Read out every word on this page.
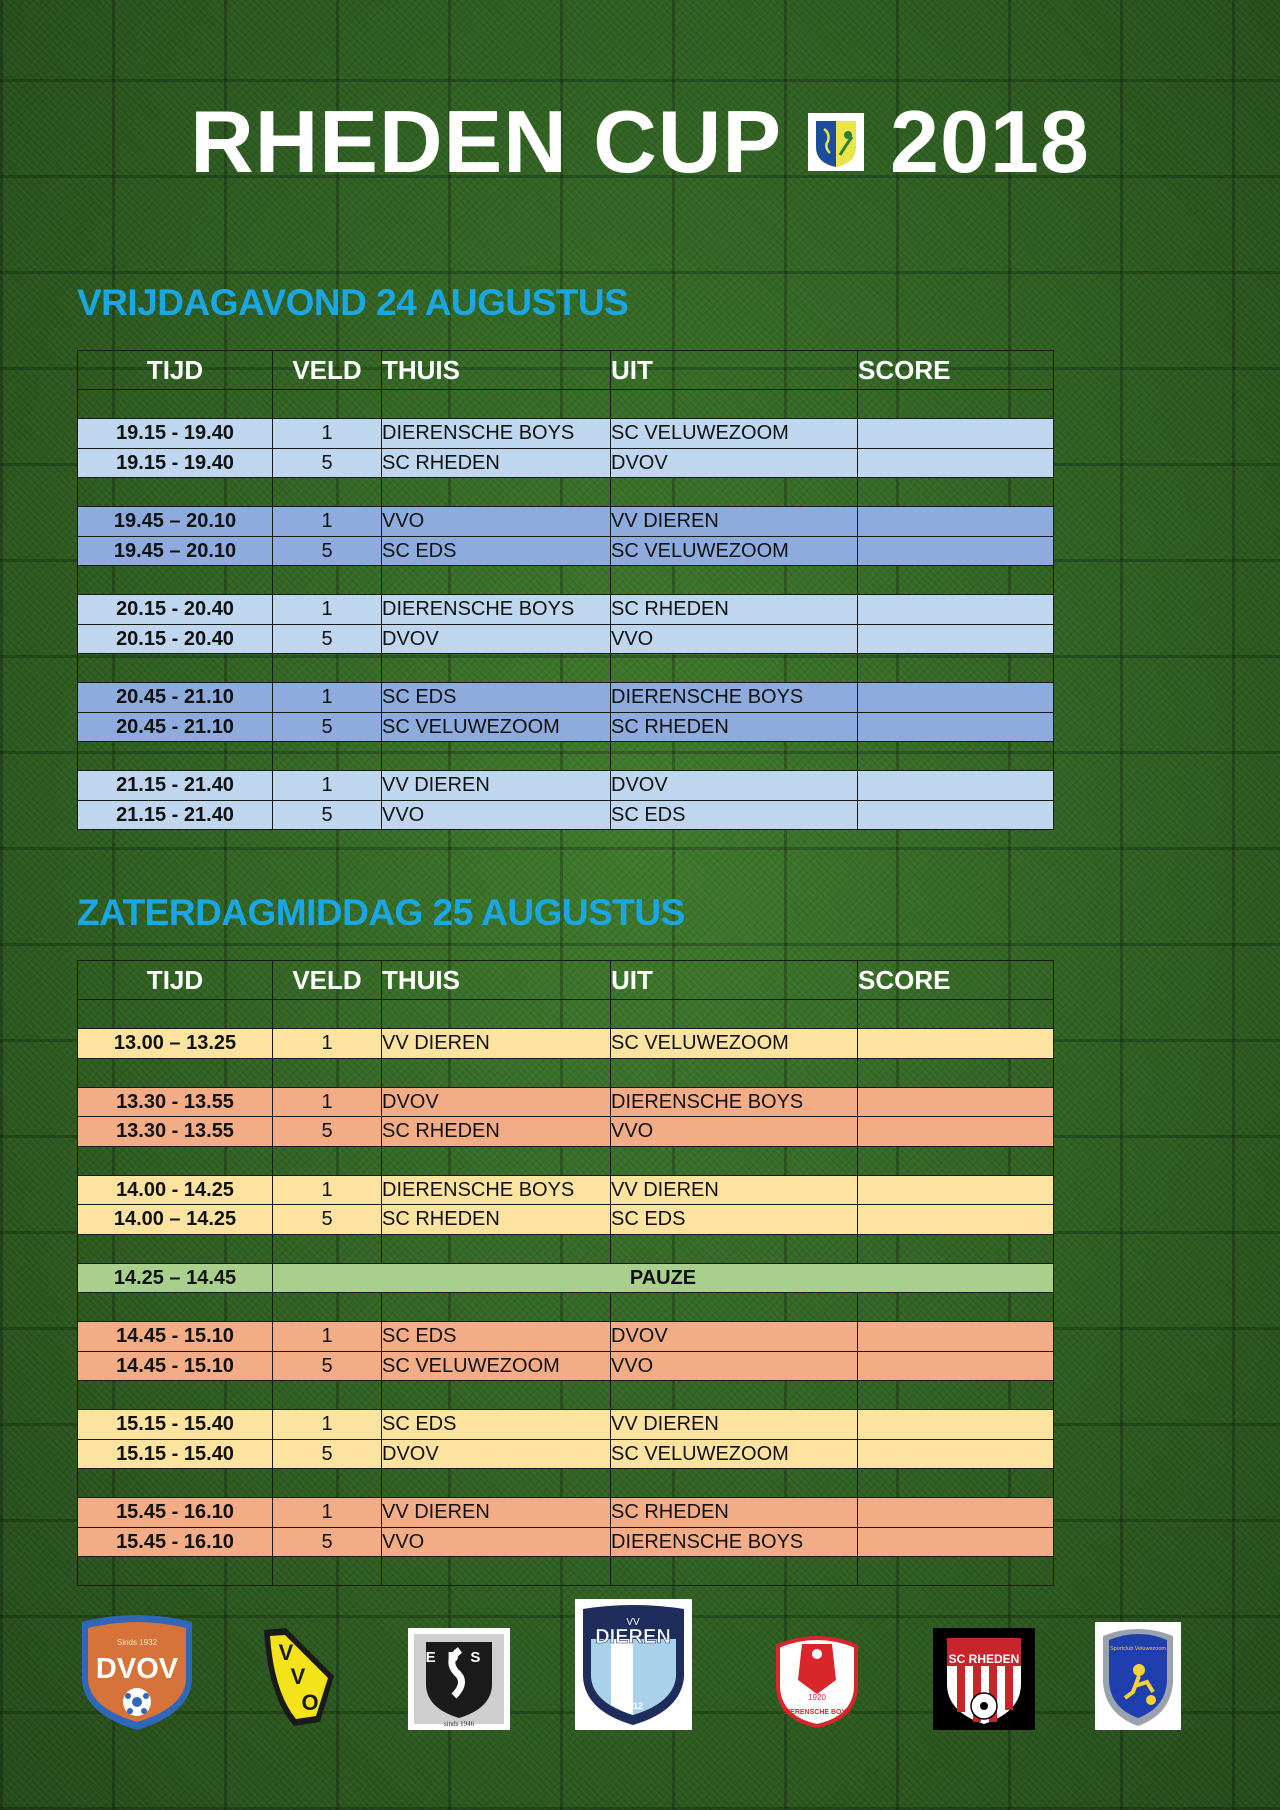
RHEDEN CUP 2018
VRIJDAGAVOND 24 AUGUSTUS
TIJD	VELD	THUIS	UIT	SCORE

19.15 - 19.40	1	DIERENSCHE BOYS	SC VELUWEZOOM	
19.15 - 19.40	5	SC RHEDEN	DVOV	

19.45 – 20.10	1	VVO	VV DIEREN	
19.45 – 20.10	5	SC EDS	SC VELUWEZOOM	

20.15 - 20.40	1	DIERENSCHE BOYS	SC RHEDEN	
20.15 - 20.40	5	DVOV	VVO	

20.45 - 21.10	1	SC EDS	DIERENSCHE BOYS	
20.45 - 21.10	5	SC VELUWEZOOM	SC RHEDEN	

21.15 - 21.40	1	VV DIEREN	DVOV	
21.15 - 21.40	5	VVO	SC EDS	
ZATERDAGMIDDAG 25 AUGUSTUS
TIJD	VELD	THUIS	UIT	SCORE

13.00 – 13.25	1	VV DIEREN	SC VELUWEZOOM	

13.30 - 13.55	1	DVOV	DIERENSCHE BOYS	
13.30 - 13.55	5	SC RHEDEN	VVO	

14.00 - 14.25	1	DIERENSCHE BOYS	VV DIEREN	
14.00 – 14.25	5	SC RHEDEN	SC EDS	

14.25 – 14.45	PAUZE			

14.45 - 15.10	1	SC EDS	DVOV	
14.45 - 15.10	5	SC VELUWEZOOM	VVO	

15.15 - 15.40	1	SC EDS	VV DIEREN	
15.15 - 15.40	5	DVOV	SC VELUWEZOOM	

15.45 - 16.10	1	VV DIEREN	SC RHEDEN	
15.45 - 16.10	5	VVO	DIERENSCHE BOYS	

Sinds 1932
DVOV
V
V
O
EDS
sinds 1946
VV
DIEREN
2012
1920
DIERENSCHE BOYS
SC RHEDEN
Sportclub Veluwezoom
